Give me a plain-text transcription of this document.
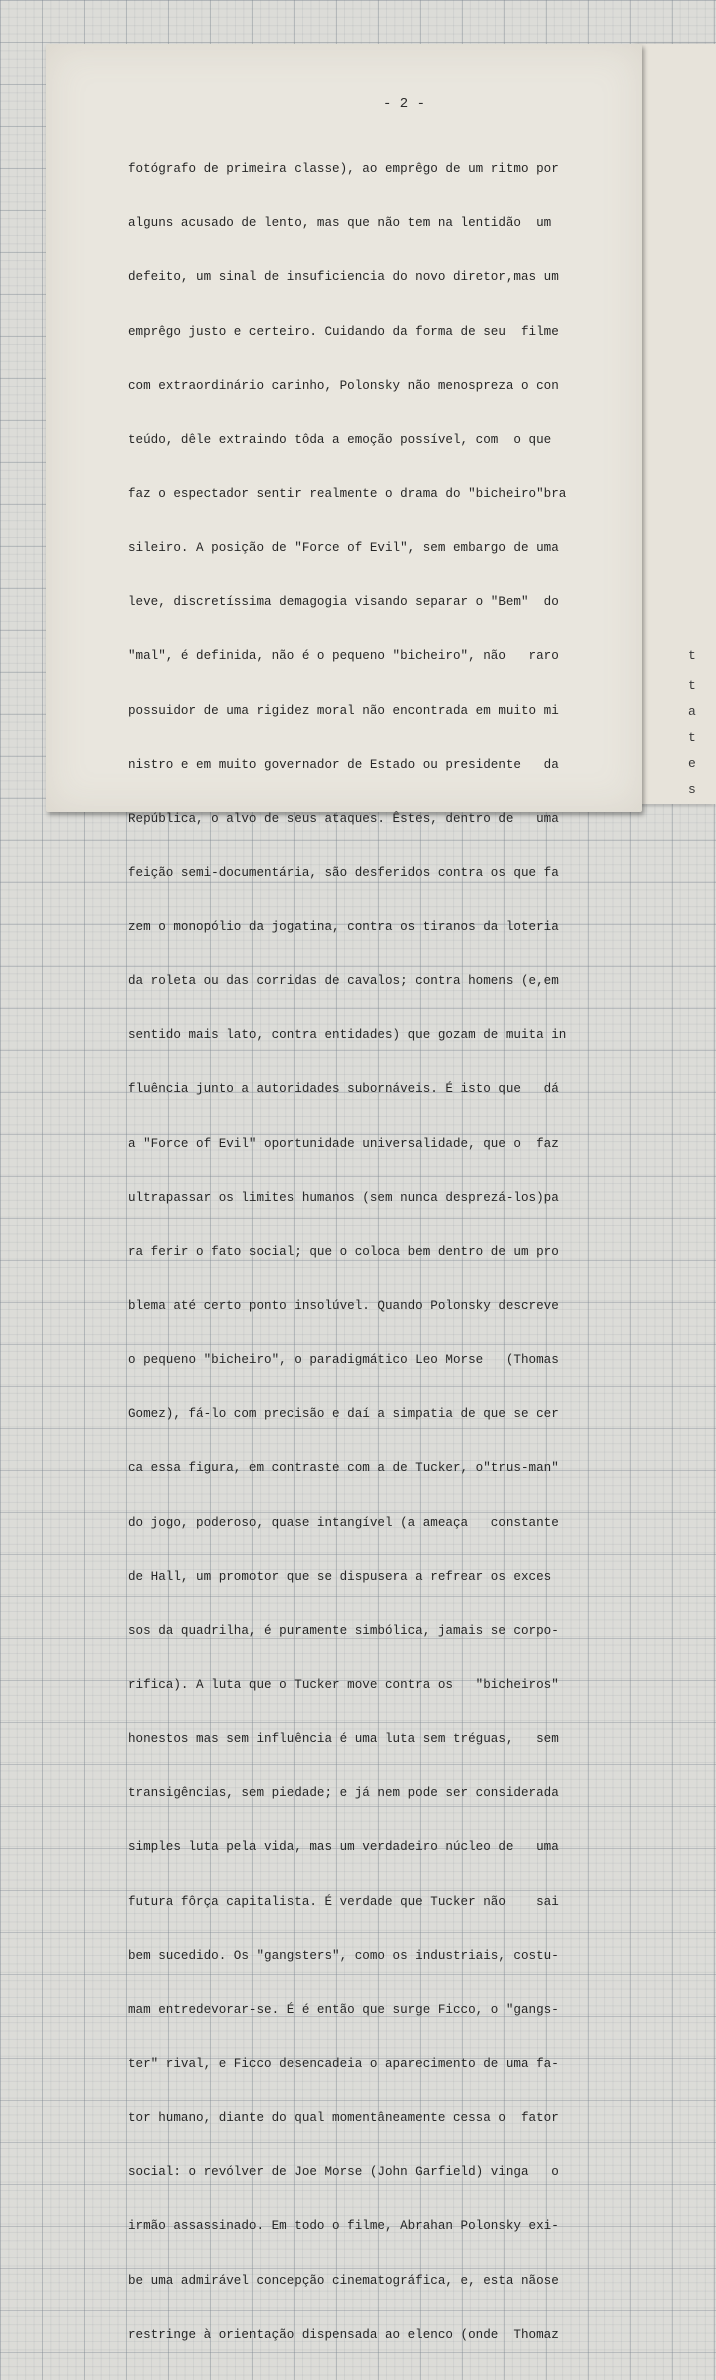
t
t
a
t
e
s
- 2 -

fotógrafo de primeira classe), ao emprêgo de um ritmo por

alguns acusado de lento, mas que não tem na lentidão  um

defeito, um sinal de insuficiencia do novo diretor,mas um

emprêgo justo e certeiro. Cuidando da forma de seu  filme

com extraordinário carinho, Polonsky não menospreza o con

teúdo, dêle extraindo tôda a emoção possível, com  o que

faz o espectador sentir realmente o drama do "bicheiro"bra

sileiro. A posição de "Force of Evil", sem embargo de uma

leve, discretíssima demagogia visando separar o "Bem"  do

"mal", é definida, não é o pequeno "bicheiro", não   raro

possuidor de uma rigidez moral não encontrada em muito mi

nistro e em muito governador de Estado ou presidente   da

República, o alvo de seus ataques. Êstes, dentro de   uma

feição semi-documentária, são desferidos contra os que fa

zem o monopólio da jogatina, contra os tiranos da loteria

da roleta ou das corridas de cavalos; contra homens (e,em

sentido mais lato, contra entidades) que gozam de muita in

fluência junto a autoridades subornáveis. É isto que   dá

a "Force of Evil" oportunidade universalidade, que o  faz

ultrapassar os limites humanos (sem nunca desprezá-los)pa

ra ferir o fato social; que o coloca bem dentro de um pro

blema até certo ponto insolúvel. Quando Polonsky descreve

o pequeno "bicheiro", o paradigmático Leo Morse   (Thomas

Gomez), fá-lo com precisão e daí a simpatia de que se cer

ca essa figura, em contraste com a de Tucker, o"trus-man"

do jogo, poderoso, quase intangível (a ameaça   constante

de Hall, um promotor que se dispusera a refrear os exces

sos da quadrilha, é puramente simbólica, jamais se corpo-

rifica). A luta que o Tucker move contra os   "bicheiros"

honestos mas sem influência é uma luta sem tréguas,   sem

transigências, sem piedade; e já nem pode ser considerada

simples luta pela vida, mas um verdadeiro núcleo de   uma

futura fôrça capitalista. É verdade que Tucker não    sai

bem sucedido. Os "gangsters", como os industriais, costu-

mam entredevorar-se. É é então que surge Ficco, o "gangs-

ter" rival, e Ficco desencadeia o aparecimento de uma fa-

tor humano, diante do qual momentâneamente cessa o  fator

social: o revólver de Joe Morse (John Garfield) vinga   o

irmão assassinado. Em todo o filme, Abrahan Polonsky exi-

be uma admirável concepção cinematográfica, e, esta nãose

restringe à orientação dispensada ao elenco (onde  Thomaz
